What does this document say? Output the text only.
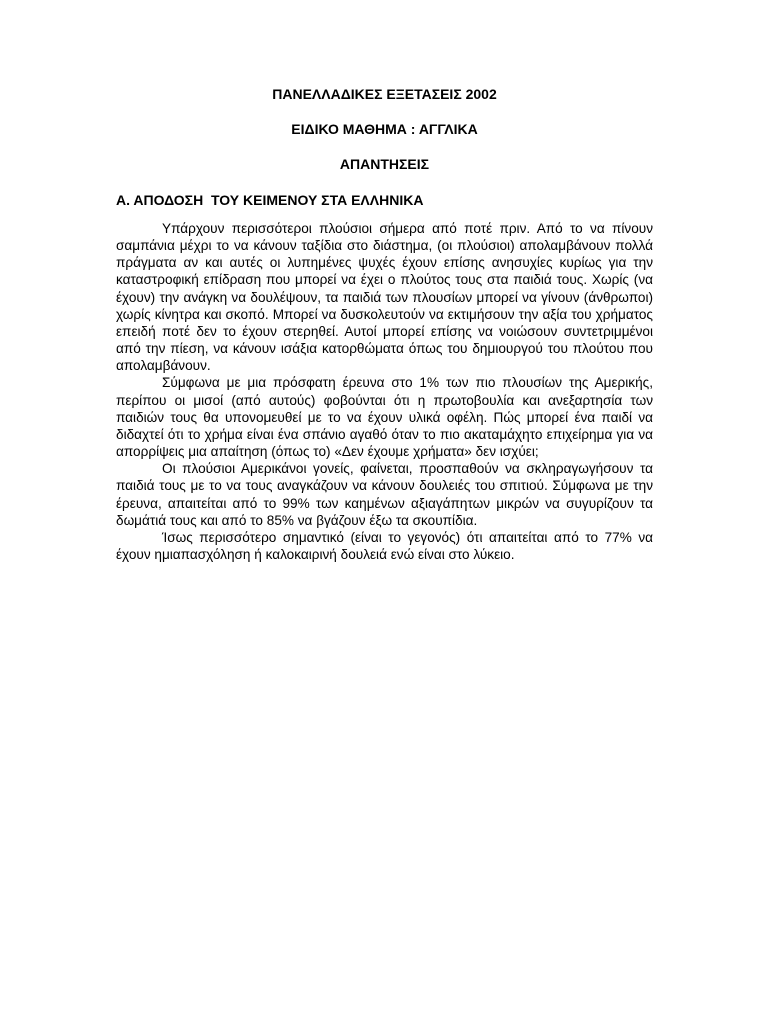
ΠΑΝΕΛΛΑΔΙΚΕΣ ΕΞΕΤΑΣΕΙΣ 2002

ΕΙΔΙΚΟ ΜΑΘΗΜΑ : ΑΓΓΛΙΚΑ

ΑΠΑΝΤΗΣΕΙΣ

Α. ΑΠΟΔΟΣΗ  ΤΟΥ ΚΕΙΜΕΝΟΥ ΣΤΑ ΕΛΛΗΝΙΚΑ

Υπάρχουν περισσότεροι πλούσιοι σήμερα από ποτέ πριν. Από το να πίνουν σαμπάνια μέχρι το να κάνουν ταξίδια στο διάστημα, (οι πλούσιοι) απολαμβάνουν πολλά πράγματα αν και αυτές οι λυπημένες ψυχές έχουν επίσης ανησυχίες κυρίως για την καταστροφική επίδραση που μπορεί να έχει ο πλούτος τους στα παιδιά τους. Χωρίς (να έχουν) την ανάγκη να δουλέψουν, τα παιδιά των πλουσίων μπορεί να γίνουν (άνθρωποι) χωρίς κίνητρα και σκοπό. Μπορεί να δυσκολευτούν να εκτιμήσουν την αξία του χρήματος επειδή ποτέ δεν το έχουν στερηθεί. Αυτοί μπορεί επίσης να νοιώσουν συντετριμμένοι από την πίεση, να κάνουν ισάξια κατορθώματα όπως του δημιουργού του πλούτου που απολαμβάνουν.

Σύμφωνα με μια πρόσφατη έρευνα στο 1% των πιο πλουσίων της Αμερικής, περίπου οι μισοί (από αυτούς) φοβούνται ότι η πρωτοβουλία και ανεξαρτησία των παιδιών τους θα υπονομευθεί με το να έχουν υλικά οφέλη. Πώς μπορεί ένα παιδί να διδαχτεί ότι το χρήμα είναι ένα σπάνιο αγαθό όταν το πιο ακαταμάχητο επιχείρημα για να απορρίψεις μια απαίτηση (όπως το) «Δεν έχουμε χρήματα» δεν ισχύει;

Οι πλούσιοι Αμερικάνοι γονείς, φαίνεται, προσπαθούν να σκληραγωγήσουν τα παιδιά τους με το να τους αναγκάζουν να κάνουν δουλειές του σπιτιού. Σύμφωνα με την έρευνα, απαιτείται από το 99% των καημένων αξιαγάπητων μικρών να συγυρίζουν τα δωμάτιά τους και από το 85% να βγάζουν έξω τα σκουπίδια.

Ίσως περισσότερο σημαντικό (είναι το γεγονός) ότι απαιτείται από το 77% να έχουν ημιαπασχόληση ή καλοκαιρινή δουλειά ενώ είναι στο λύκειο.
